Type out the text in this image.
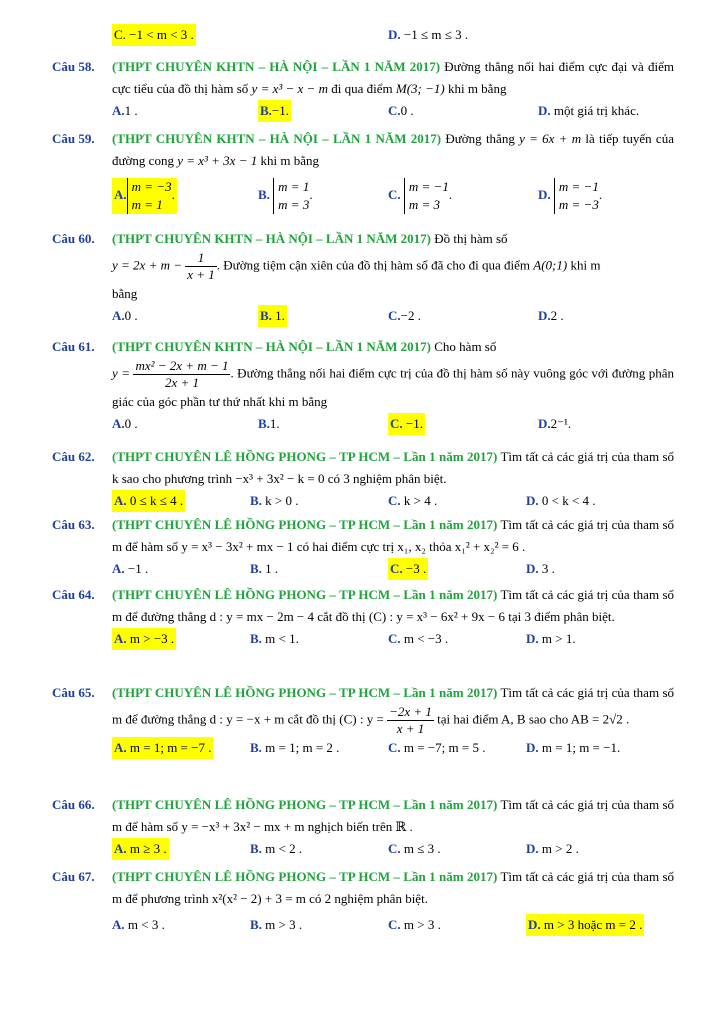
C. −1 < m < 3 .	D. −1 ≤ m ≤ 3 .
Câu 58.	(THPT CHUYÊN KHTN – HÀ NỘI – LẦN 1 NĂM 2017) Đường thẳng nối hai điểm cực đại và điểm cực tiểu của đồ thị hàm số y = x³ − x − m đi qua điểm M(3; −1) khi m bằng
A.1 .	B.−1.	C.0 .	D. một giá trị khác.
Câu 59.	(THPT CHUYÊN KHTN – HÀ NỘI – LẦN 1 NĂM 2017) Đường thẳng y = 6x + m là tiếp tuyến của đường cong y = x³ + 3x − 1 khi m bằng
A.
m = −3
m = 1
.	B.
m = 1
m = 3
.	C.
m = −1
m = 3
.	D.
m = −1
m = −3
.
Câu 60.	(THPT CHUYÊN KHTN – HÀ NỘI – LẦN 1 NĂM 2017) Đồ thị hàm số
$y = 2x + m - \frac{1}{x + 1}$ . Đường tiệm cận xiên của đồ thị hàm số đã cho đi qua điểm A(0;1) khi m
bằng
A.0 .	B. 1.	C.−2 .	D.2 .
Câu 61.	(THPT CHUYÊN KHTN – HÀ NỘI – LẦN 1 NĂM 2017) Cho hàm số
$y = \frac{\text{mx² − 2x + m − 1}}{2x + 1}$ . Đường thẳng nối hai điểm cực trị của đồ thị hàm số này vuông góc với đường phân giác của góc phần tư thứ nhất khi m bằng
A.0 .	B.1.	C. −1.	D.2⁻¹.
Câu 62.	(THPT CHUYÊN LÊ HỒNG PHONG – TP HCM – Lần 1 năm 2017) Tìm tất cả các giá trị của tham số k sao cho phương trình −x³ + 3x² − k = 0 có 3 nghiệm phân biệt.
A. 0 ≤ k ≤ 4 .	B. k > 0 .	C. k > 4 .	D. 0 < k < 4 .
Câu 63.	(THPT CHUYÊN LÊ HỒNG PHONG – TP HCM – Lần 1 năm 2017) Tìm tất cả các giá trị của tham số m để hàm số y = x³ − 3x² + mx − 1 có hai điểm cực trị x₁, x₂ thỏa x₁² + x₂² = 6 .
A. −1 .	B. 1 .	C. −3 .	D. 3 .
Câu 64.	(THPT CHUYÊN LÊ HỒNG PHONG – TP HCM – Lần 1 năm 2017) Tìm tất cả các giá trị của tham số m để đường thẳng d : y = mx − 2m − 4 cắt đồ thị (C) : y = x³ − 6x² + 9x − 6 tại 3 điểm phân biệt.
A. m > −3 .	B. m < 1.	C. m < −3 .	D. m > 1.
Câu 65.	(THPT CHUYÊN LÊ HỒNG PHONG – TP HCM – Lần 1 năm 2017) Tìm tất cả các giá trị của tham số m để đường thẳng d : y = −x + m cắt đồ thị (C) : $y = \frac{-2x + 1}{x + 1}$ tại hai điểm A, B sao cho AB = 2√2 .
A. m = 1; m = −7 .	B. m = 1; m = 2 .	C. m = −7; m = 5 .	D. m = 1; m = −1.
Câu 66.	(THPT CHUYÊN LÊ HỒNG PHONG – TP HCM – Lần 1 năm 2017) Tìm tất cả các giá trị của tham số m để hàm số y = −x³ + 3x² − mx + m nghịch biến trên ℝ .
A. m ≥ 3 .	B. m < 2 .	C. m ≤ 3 .	D. m > 2 .
Câu 67.	(THPT CHUYÊN LÊ HỒNG PHONG – TP HCM – Lần 1 năm 2017) Tìm tất cả các giá trị của tham số m để phương trình x²(x² − 2) + 3 = m có 2 nghiệm phân biệt.
A. m < 3 .	B. m > 3 .	C. m > 3 .	D. m > 3 hoặc m = 2 .
